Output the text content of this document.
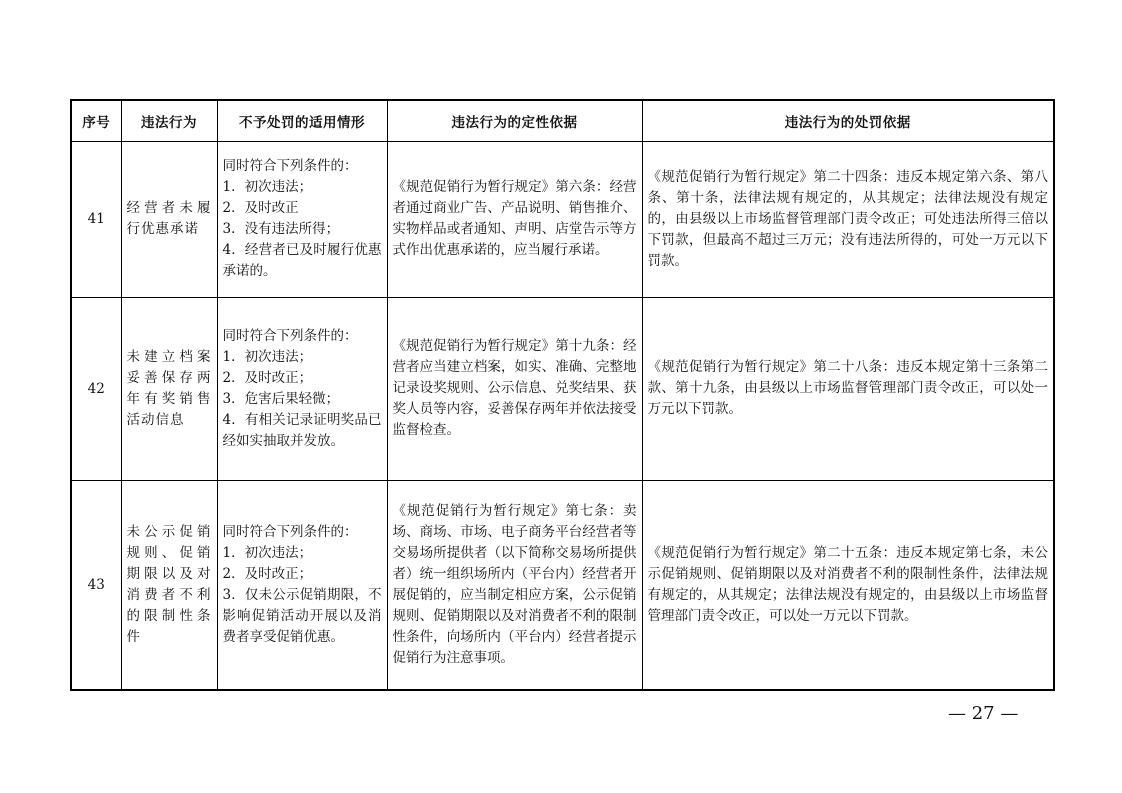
序号	违法行为	不予处罚的适用情形	违法行为的定性依据	违法行为的处罚依据
41	经营者未履行优惠承诺	同时符合下列条件的：
1．初次违法；
2．及时改正
3．没有违法所得；
4．经营者已及时履行优惠承诺的。	《规范促销行为暂行规定》第六条：经营者通过商业广告、产品说明、销售推介、实物样品或者通知、声明、店堂告示等方式作出优惠承诺的，应当履行承诺。	《规范促销行为暂行规定》第二十四条：违反本规定第六条、第八条、第十条，法律法规有规定的，从其规定；法律法规没有规定的，由县级以上市场监督管理部门责令改正；可处违法所得三倍以下罚款，但最高不超过三万元；没有违法所得的，可处一万元以下罚款。
42	未建立档案妥善保存两年有奖销售活动信息	同时符合下列条件的：
1．初次违法；
2．及时改正；
3．危害后果轻微；
4．有相关记录证明奖品已经如实抽取并发放。	《规范促销行为暂行规定》第十九条：经营者应当建立档案，如实、准确、完整地记录设奖规则、公示信息、兑奖结果、获奖人员等内容，妥善保存两年并依法接受监督检查。	《规范促销行为暂行规定》第二十八条：违反本规定第十三条第二款、第十九条，由县级以上市场监督管理部门责令改正，可以处一万元以下罚款。
43	未公示促销规则、促销期限以及对消费者不利的限制性条件	同时符合下列条件的：
1．初次违法；
2．及时改正；
3．仅未公示促销期限，不影响促销活动开展以及消费者享受促销优惠。	《规范促销行为暂行规定》第七条：卖场、商场、市场、电子商务平台经营者等交易场所提供者（以下简称交易场所提供者）统一组织场所内（平台内）经营者开展促销的，应当制定相应方案，公示促销规则、促销期限以及对消费者不利的限制性条件，向场所内（平台内）经营者提示促销行为注意事项。	《规范促销行为暂行规定》第二十五条：违反本规定第七条，未公示促销规则、促销期限以及对消费者不利的限制性条件，法律法规有规定的，从其规定；法律法规没有规定的，由县级以上市场监督管理部门责令改正，可以处一万元以下罚款。
— 27 —
